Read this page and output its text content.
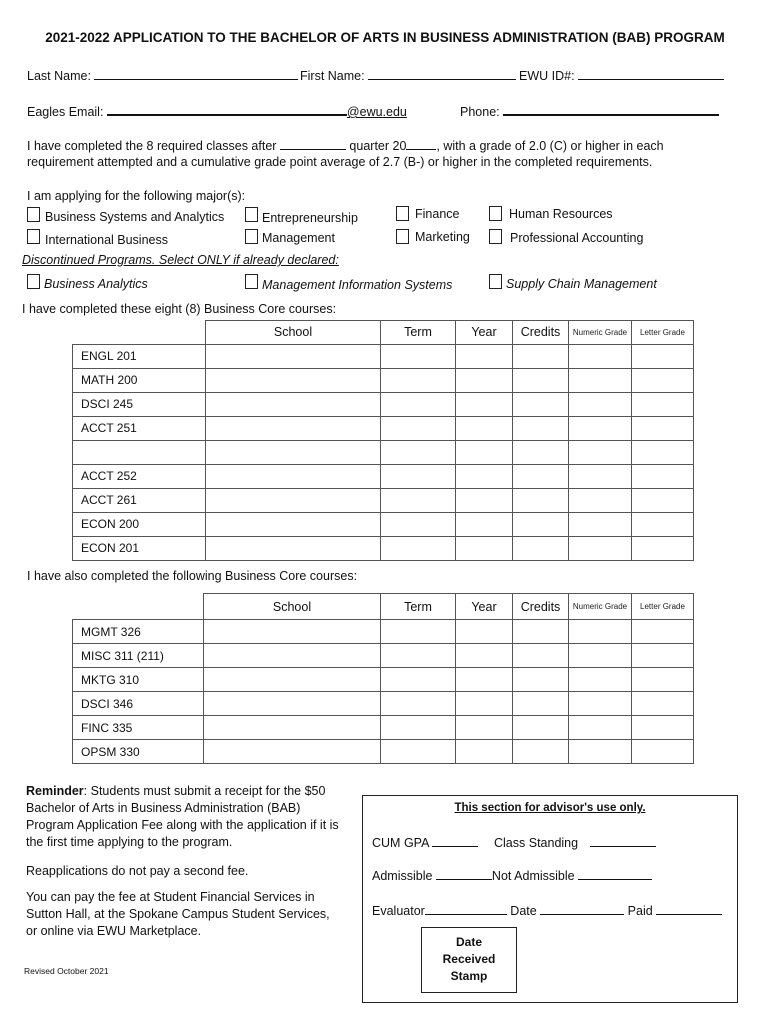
2021-2022 APPLICATION TO THE BACHELOR OF ARTS IN BUSINESS ADMINISTRATION (BAB) PROGRAM
Last Name:	First Name:	EWU ID#:
Eagles Email:	@ewu.edu	Phone:
I have completed the 8 required classes after	quarter 20 , with a grade of 2.0 (C) or higher in each
requirement attempted and a cumulative grade point average of 2.7 (B-) or higher in the completed requirements.
I am applying for the following major(s):
Business Systems and Analytics	Entrepreneurship	Finance	Human Resources
International Business	Management	Marketing	Professional Accounting
Discontinued Programs. Select ONLY if already declared:
Business Analytics	Management Information Systems	Supply Chain Management
I have completed these eight (8) Business Core courses:
	School	Term	Year	Credits	Numeric Grade	Letter Grade
ENGL 201						
MATH 200						
DSCI 245						
ACCT 251						

ACCT 252						
ACCT 261						
ECON 200						
ECON 201						
I have also completed the following Business Core courses:
	School	Term	Year	Credits	Numeric Grade	Letter Grade
MGMT 326						
MISC 311 (211)						
MKTG 310						
DSCI 346						
FINC 335						
OPSM 330						
Reminder: Students must submit a receipt for the $50 Bachelor of Arts in Business Administration (BAB) Program Application Fee along with the application if it is the first time applying to the program.
Reapplications do not pay a second fee.
You can pay the fee at Student Financial Services in Sutton Hall, at the Spokane Campus Student Services, or online via EWU Marketplace.
Revised October 2021
This section for advisor's use only.
CUM GPA	Class Standing
Admissible	Not Admissible
Evaluator	Date	Paid
Date
Received
Stamp
